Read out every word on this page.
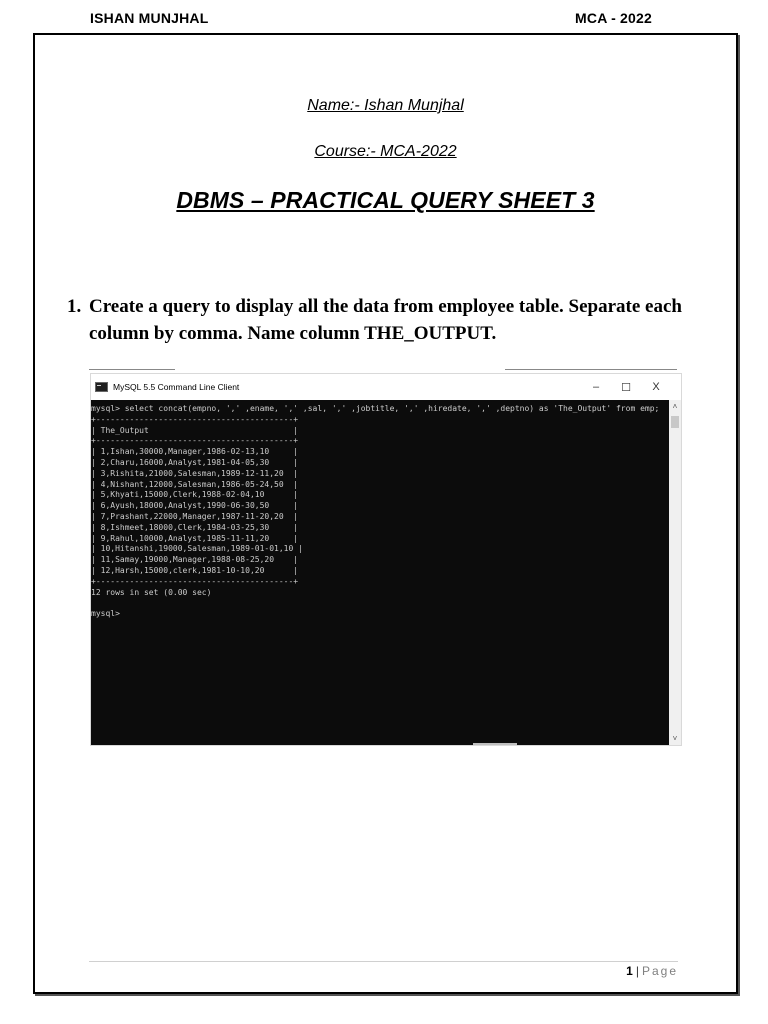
ISHAN MUNJHAL	MCA - 2022
Name:- Ishan Munjhal
Course:- MCA-2022
DBMS – PRACTICAL QUERY SHEET 3
1. Create a query to display all the data from employee table. Separate each column by comma. Name column THE_OUTPUT.
MySQL 5.5 Command Line Client	–	☐	X
mysql> select concat(empno, ',' ,ename, ',' ,sal, ',' ,jobtitle, ',' ,hiredate, ',' ,deptno) as 'The_Output' from emp;
+-----------------------------------------+
| The_Output                              |
+-----------------------------------------+
| 1,Ishan,30000,Manager,1986-02-13,10     |
| 2,Charu,16000,Analyst,1981-04-05,30     |
| 3,Rishita,21000,Salesman,1989-12-11,20  |
| 4,Nishant,12000,Salesman,1986-05-24,50  |
| 5,Khyati,15000,Clerk,1988-02-04,10      |
| 6,Ayush,18000,Analyst,1990-06-30,50     |
| 7,Prashant,22000,Manager,1987-11-20,20  |
| 8,Ishmeet,18000,Clerk,1984-03-25,30     |
| 9,Rahul,10000,Analyst,1985-11-11,20     |
| 10,Hitanshi,19000,Salesman,1989-01-01,10 |
| 11,Samay,19000,Manager,1988-08-25,20    |
| 12,Harsh,15000,clerk,1981-10-10,20      |
+-----------------------------------------+
12 rows in set (0.00 sec)

mysql>
˄
˅
1 | Page
